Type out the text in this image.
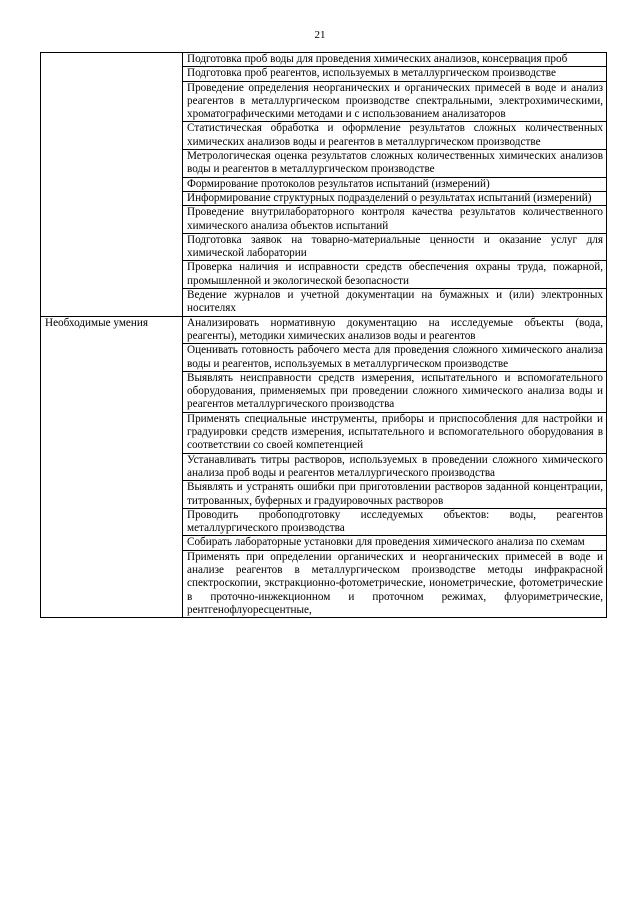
21
	Подготовка проб воды для проведения химических анализов, консервация проб
	Подготовка проб реагентов, используемых в металлургическом производстве
	Проведение определения неорганических и органических примесей в воде и анализ реагентов в металлургическом производстве спектральными, электрохимическими, хроматографическими методами и с использованием анализаторов
	Статистическая обработка и оформление результатов сложных количественных химических анализов воды и реагентов в металлургическом производстве
	Метрологическая оценка результатов сложных количественных химических анализов воды и реагентов в металлургическом производстве
	Формирование протоколов результатов испытаний (измерений)
	Информирование структурных подразделений о результатах испытаний (измерений)
	Проведение внутрилабораторного контроля качества результатов количественного химического анализа объектов испытаний
	Подготовка заявок на товарно-материальные ценности и оказание услуг для химической лаборатории
	Проверка наличия и исправности средств обеспечения охраны труда, пожарной, промышленной и экологической безопасности
	Ведение журналов и учетной документации на бумажных и (или) электронных носителях

Необходимые умения	Анализировать нормативную документацию на исследуемые объекты (вода, реагенты), методики химических анализов воды и реагентов
	Оценивать готовность рабочего места для проведения сложного химического анализа воды и реагентов, используемых в металлургическом производстве
	Выявлять неисправности средств измерения, испытательного и вспомогательного оборудования, применяемых при проведении сложного химического анализа воды и реагентов металлургического производства
	Применять специальные инструменты, приборы и приспособления для настройки и градуировки средств измерения, испытательного и вспомогательного оборудования в соответствии со своей компетенцией
	Устанавливать титры растворов, используемых в проведении сложного химического анализа проб воды и реагентов металлургического производства
	Выявлять и устранять ошибки при приготовлении растворов заданной концентрации, титрованных, буферных и градуировочных растворов
	Проводить пробоподготовку исследуемых объектов: воды, реагентов металлургического производства
	Собирать лабораторные установки для проведения химического анализа по схемам
	Применять при определении органических и неорганических примесей в воде и анализе реагентов в металлургическом производстве методы инфракрасной спектроскопии, экстракционно-фотометрические, ионометрические, фотометрические в проточно-инжекционном и проточном режимах, флуориметрические, рентгенофлуоресцентные,
